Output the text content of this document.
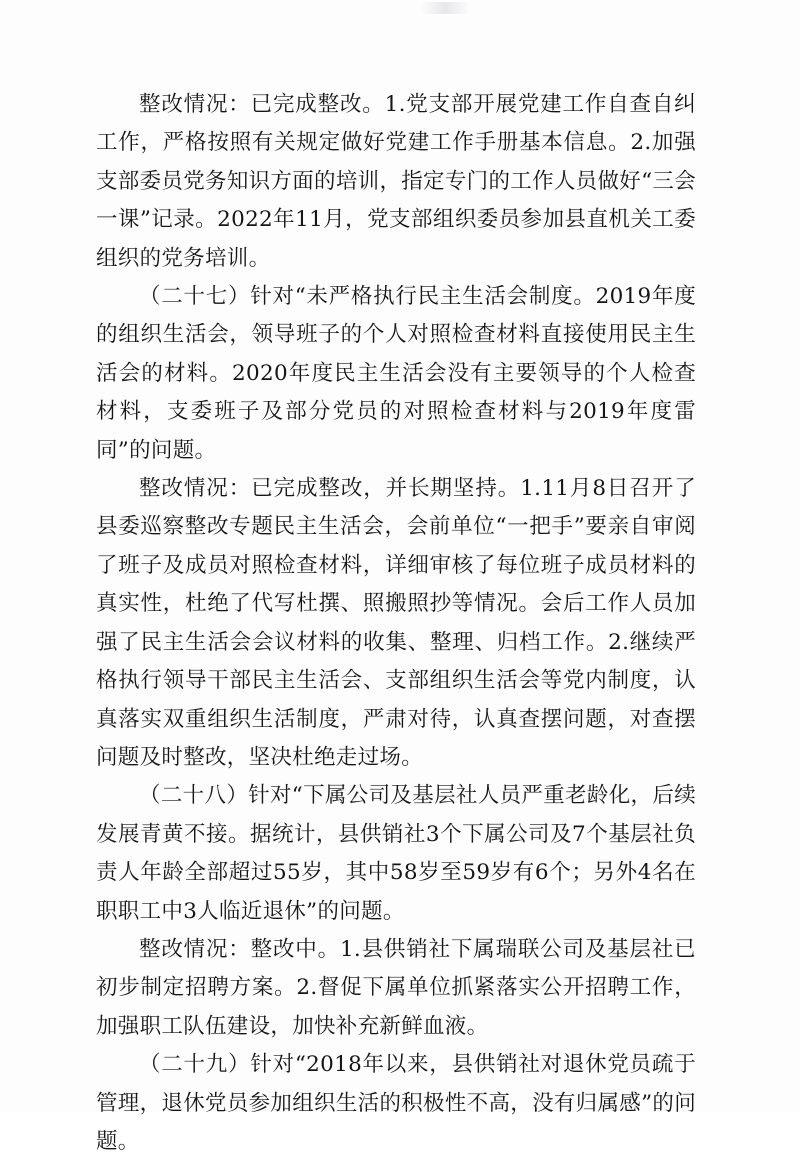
整改情况：已完成整改。1.党支部开展党建工作自查自纠工作，严格按照有关规定做好党建工作手册基本信息。2.加强支部委员党务知识方面的培训，指定专门的工作人员做好“三会一课”记录。2022年11月，党支部组织委员参加县直机关工委组织的党务培训。

（二十七）针对“未严格执行民主生活会制度。2019年度的组织生活会，领导班子的个人对照检查材料直接使用民主生活会的材料。2020年度民主生活会没有主要领导的个人检查材料，支委班子及部分党员的对照检查材料与2019年度雷同”的问题。

整改情况：已完成整改，并长期坚持。1.11月8日召开了县委巡察整改专题民主生活会，会前单位“一把手”要亲自审阅了班子及成员对照检查材料，详细审核了每位班子成员材料的真实性，杜绝了代写杜撰、照搬照抄等情况。会后工作人员加强了民主生活会会议材料的收集、整理、归档工作。2.继续严格执行领导干部民主生活会、支部组织生活会等党内制度，认真落实双重组织生活制度，严肃对待，认真查摆问题，对查摆问题及时整改，坚决杜绝走过场。

（二十八）针对“下属公司及基层社人员严重老龄化，后续发展青黄不接。据统计，县供销社3个下属公司及7个基层社负责人年龄全部超过55岁，其中58岁至59岁有6个；另外4名在职职工中3人临近退休”的问题。

整改情况：整改中。1.县供销社下属瑞联公司及基层社已初步制定招聘方案。2.督促下属单位抓紧落实公开招聘工作，加强职工队伍建设，加快补充新鲜血液。

（二十九）针对“2018年以来，县供销社对退休党员疏于管理，退休党员参加组织生活的积极性不高，没有归属感”的问题。
